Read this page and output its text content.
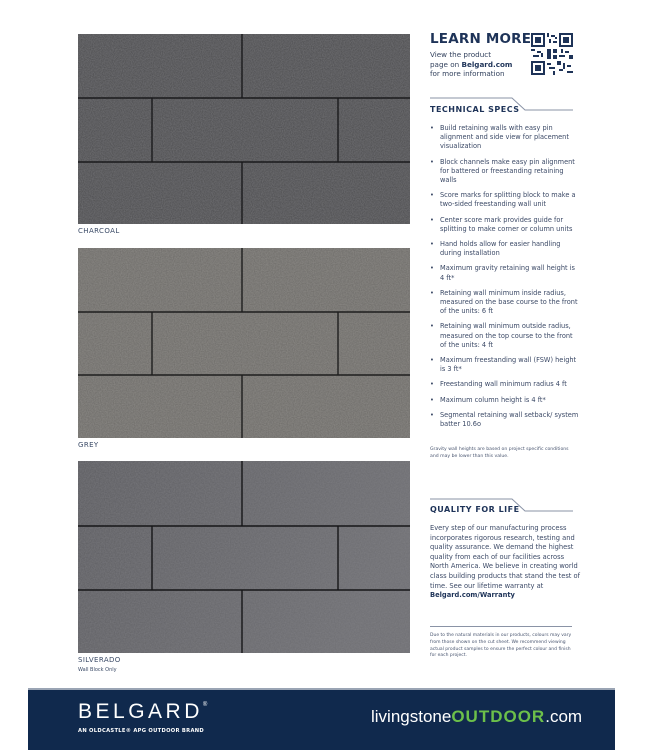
CHARCOAL
GREY
SILVERADO
Wall Block Only
LEARN MORE
View the product
page on Belgard.com
for more information
TECHNICAL SPECS
• Build retaining walls with easy pin alignment and side view for placement visualization
• Block channels make easy pin alignment for battered or freestanding retaining walls
• Score marks for splitting block to make a two-sided freestanding wall unit
• Center score mark provides guide for splitting to make corner or column units
• Hand holds allow for easier handling during installation
• Maximum gravity retaining wall height is 4 ft*
• Retaining wall minimum inside radius, measured on the base course to the front of the units: 6 ft
• Retaining wall minimum outside radius, measured on the top course to the front of the units: 4 ft
• Maximum freestanding wall (FSW) height is 3 ft*
• Freestanding wall minimum radius 4 ft
• Maximum column height is 4 ft*
• Segmental retaining wall setback/ system batter 10.6o
Gravity wall heights are based on project specific conditions and may be lower than this value.
QUALITY FOR LIFE
Every step of our manufacturing process incorporates rigorous research, testing and quality assurance. We demand the highest quality from each of our facilities across North America. We believe in creating world class building products that stand the test of time. See our lifetime warranty at Belgard.com/Warranty
Due to the natural materials in our products, colours may vary from those shown on the cut sheet. We recommend viewing actual product samples to ensure the perfect colour and finish for each project.
BELGARD®
AN OLDCASTLE® APG OUTDOOR BRAND
livingstoneOUTDOOR.com
